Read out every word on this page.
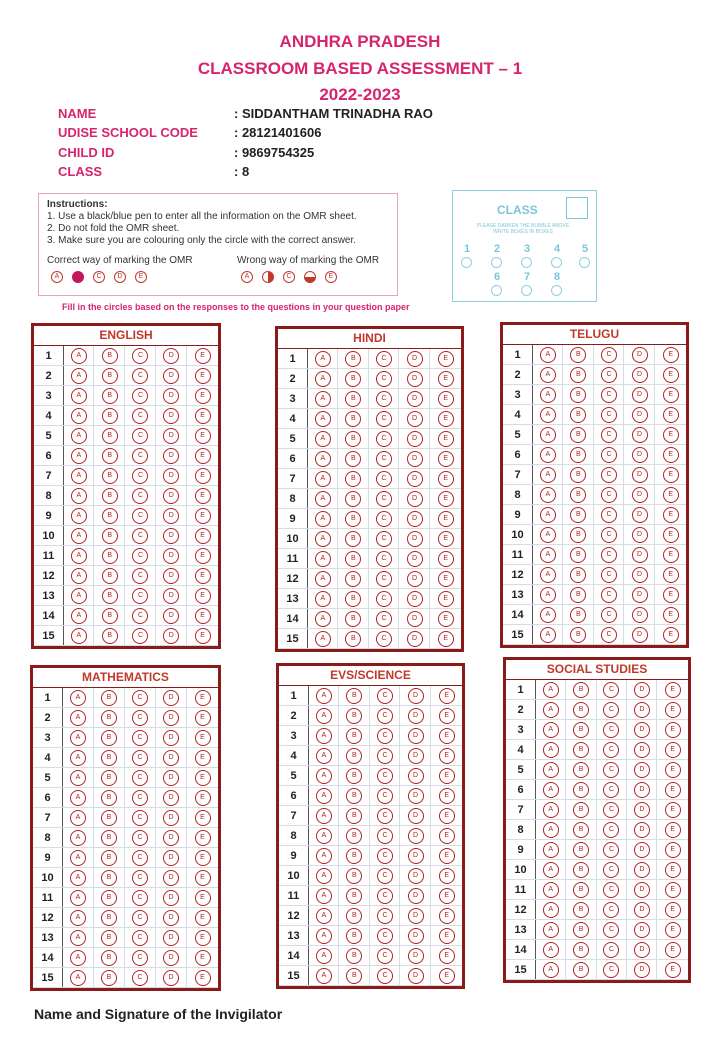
ANDHRA PRADESH
CLASSROOM BASED ASSESSMENT – 1
2022-2023
NAME	: SIDDANTHAM TRINADHA RAO
UDISE SCHOOL CODE	: 28121401606
CHILD ID	: 9869754325
CLASS	: 8
Instructions:
1. Use a black/blue pen to enter all the information on the OMR sheet.
2. Do not fold the OMR sheet.
3. Make sure you are colouring only the circle with the correct answer.
Correct way of marking the OMR	Wrong way of marking the OMR
A	C	D	E	A	C	E
Fill in the circles based on the responses to the questions in your question paper
CLASS
PLEASE DARKEN THE BUBBLE ABOVE WRITE BOXES IN BOXES
1	2	3	4	5
6	7	8
ENGLISH
1	A	B	C	D	E
2	A	B	C	D	E
3	A	B	C	D	E
4	A	B	C	D	E
5	A	B	C	D	E
6	A	B	C	D	E
7	A	B	C	D	E
8	A	B	C	D	E
9	A	B	C	D	E
10	A	B	C	D	E
11	A	B	C	D	E
12	A	B	C	D	E
13	A	B	C	D	E
14	A	B	C	D	E
15	A	B	C	D	E
HINDI
1	A	B	C	D	E
2	A	B	C	D	E
3	A	B	C	D	E
4	A	B	C	D	E
5	A	B	C	D	E
6	A	B	C	D	E
7	A	B	C	D	E
8	A	B	C	D	E
9	A	B	C	D	E
10	A	B	C	D	E
11	A	B	C	D	E
12	A	B	C	D	E
13	A	B	C	D	E
14	A	B	C	D	E
15	A	B	C	D	E
TELUGU
1	A	B	C	D	E
2	A	B	C	D	E
3	A	B	C	D	E
4	A	B	C	D	E
5	A	B	C	D	E
6	A	B	C	D	E
7	A	B	C	D	E
8	A	B	C	D	E
9	A	B	C	D	E
10	A	B	C	D	E
11	A	B	C	D	E
12	A	B	C	D	E
13	A	B	C	D	E
14	A	B	C	D	E
15	A	B	C	D	E
MATHEMATICS
1	A	B	C	D	E
2	A	B	C	D	E
3	A	B	C	D	E
4	A	B	C	D	E
5	A	B	C	D	E
6	A	B	C	D	E
7	A	B	C	D	E
8	A	B	C	D	E
9	A	B	C	D	E
10	A	B	C	D	E
11	A	B	C	D	E
12	A	B	C	D	E
13	A	B	C	D	E
14	A	B	C	D	E
15	A	B	C	D	E
EVS/SCIENCE
1	A	B	C	D	E
2	A	B	C	D	E
3	A	B	C	D	E
4	A	B	C	D	E
5	A	B	C	D	E
6	A	B	C	D	E
7	A	B	C	D	E
8	A	B	C	D	E
9	A	B	C	D	E
10	A	B	C	D	E
11	A	B	C	D	E
12	A	B	C	D	E
13	A	B	C	D	E
14	A	B	C	D	E
15	A	B	C	D	E
SOCIAL STUDIES
1	A	B	C	D	E
2	A	B	C	D	E
3	A	B	C	D	E
4	A	B	C	D	E
5	A	B	C	D	E
6	A	B	C	D	E
7	A	B	C	D	E
8	A	B	C	D	E
9	A	B	C	D	E
10	A	B	C	D	E
11	A	B	C	D	E
12	A	B	C	D	E
13	A	B	C	D	E
14	A	B	C	D	E
15	A	B	C	D	E
Name and Signature of the Invigilator
